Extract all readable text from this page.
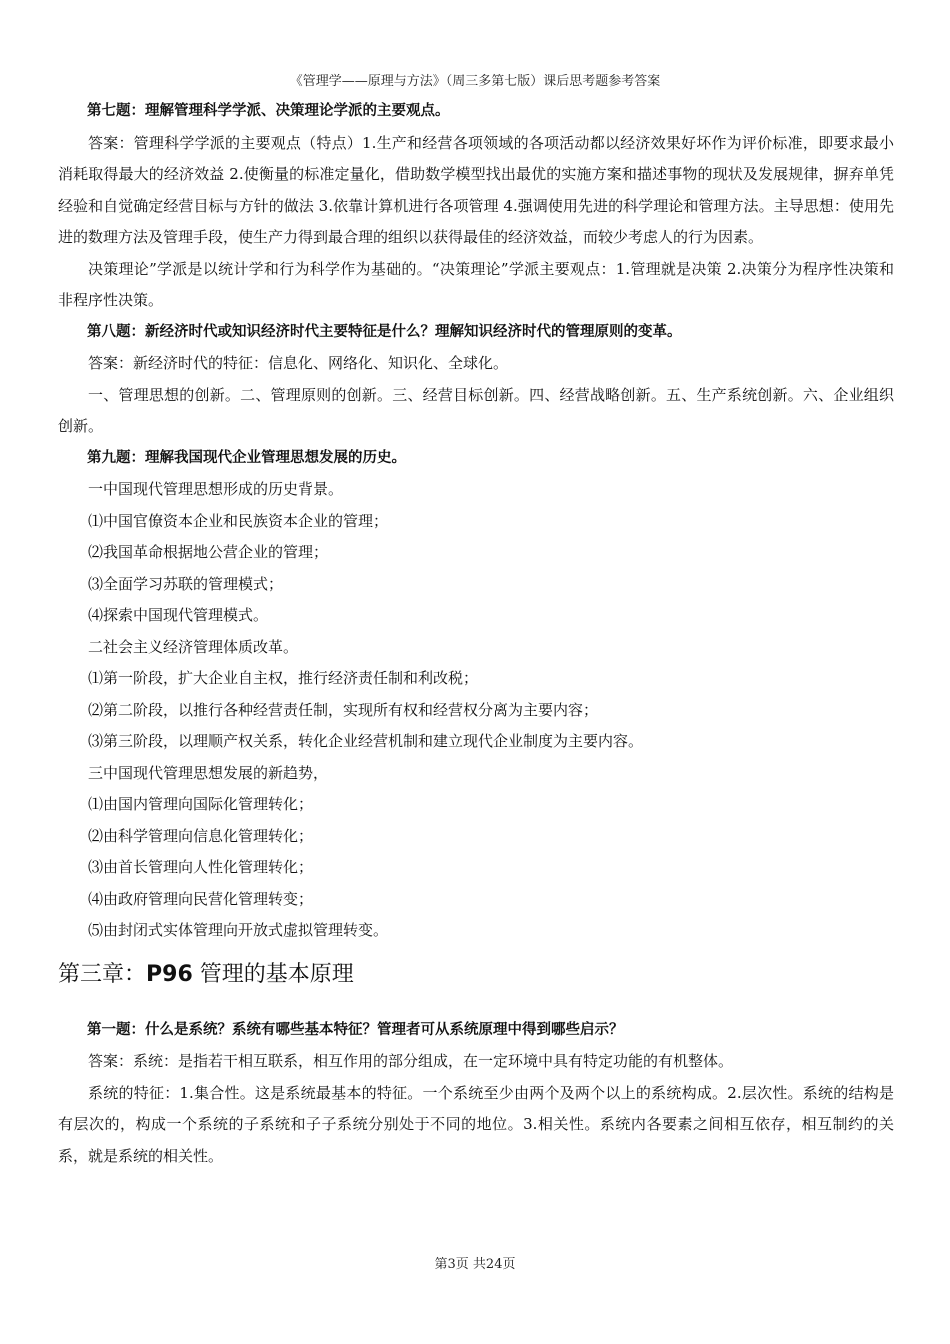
《管理学——原理与方法》（周三多第七版）课后思考题参考答案

第七题：理解管理科学学派、决策理论学派的主要观点。

答案：管理科学学派的主要观点（特点）1.生产和经营各项领域的各项活动都以经济效果好坏作为评价标准，即要求最小消耗取得最大的经济效益 2.使衡量的标准定量化，借助数学模型找出最优的实施方案和描述事物的现状及发展规律，摒弃单凭经验和自觉确定经营目标与方针的做法 3.依靠计算机进行各项管理 4.强调使用先进的科学理论和管理方法。主导思想：使用先进的数理方法及管理手段，使生产力得到最合理的组织以获得最佳的经济效益，而较少考虑人的行为因素。

决策理论”学派是以统计学和行为科学作为基础的。“决策理论”学派主要观点：1.管理就是决策 2.决策分为程序性决策和非程序性决策。

第八题：新经济时代或知识经济时代主要特征是什么？理解知识经济时代的管理原则的变革。

答案：新经济时代的特征：信息化、网络化、知识化、全球化。

一、管理思想的创新。二、管理原则的创新。三、经营目标创新。四、经营战略创新。五、生产系统创新。六、企业组织创新。

第九题：理解我国现代企业管理思想发展的历史。

一中国现代管理思想形成的历史背景。

⑴中国官僚资本企业和民族资本企业的管理；

⑵我国革命根据地公营企业的管理；

⑶全面学习苏联的管理模式；

⑷探索中国现代管理模式。

二社会主义经济管理体质改革。

⑴第一阶段，扩大企业自主权，推行经济责任制和利改税；

⑵第二阶段，以推行各种经营责任制，实现所有权和经营权分离为主要内容；

⑶第三阶段，以理顺产权关系，转化企业经营机制和建立现代企业制度为主要内容。

三中国现代管理思想发展的新趋势，

⑴由国内管理向国际化管理转化；

⑵由科学管理向信息化管理转化；

⑶由首长管理向人性化管理转化；

⑷由政府管理向民营化管理转变；

⑸由封闭式实体管理向开放式虚拟管理转变。

第三章：P96 管理的基本原理

第一题：什么是系统？系统有哪些基本特征？管理者可从系统原理中得到哪些启示？

答案：系统：是指若干相互联系，相互作用的部分组成，在一定环境中具有特定功能的有机整体。

系统的特征：1.集合性。这是系统最基本的特征。一个系统至少由两个及两个以上的系统构成。2.层次性。系统的结构是有层次的，构成一个系统的子系统和子子系统分别处于不同的地位。3.相关性。系统内各要素之间相互依存，相互制约的关系，就是系统的相关性。

第3页 共24页
